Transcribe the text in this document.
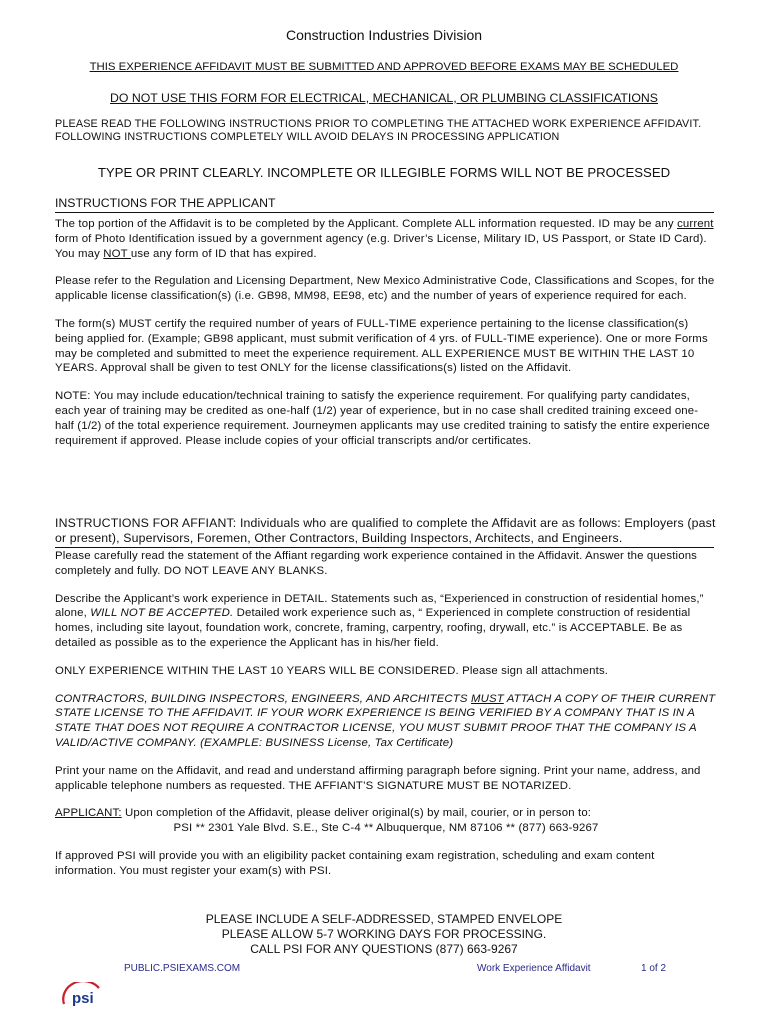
Construction Industries Division
THIS EXPERIENCE AFFIDAVIT MUST BE SUBMITTED AND APPROVED BEFORE EXAMS MAY BE SCHEDULED
DO NOT USE THIS FORM FOR ELECTRICAL, MECHANICAL, OR PLUMBING CLASSIFICATIONS
PLEASE READ THE FOLLOWING INSTRUCTIONS PRIOR TO COMPLETING THE ATTACHED WORK EXPERIENCE AFFIDAVIT.
FOLLOWING INSTRUCTIONS COMPLETELY WILL AVOID DELAYS IN PROCESSING APPLICATION
TYPE OR PRINT CLEARLY. INCOMPLETE OR ILLEGIBLE FORMS WILL NOT BE PROCESSED
INSTRUCTIONS FOR THE APPLICANT

The top portion of the Affidavit is to be completed by the Applicant. Complete ALL information requested. ID may be any current form of Photo Identification issued by a government agency (e.g. Driver’s License, Military ID, US Passport, or State ID Card). You may NOT use any form of ID that has expired.

Please refer to the Regulation and Licensing Department, New Mexico Administrative Code, Classifications and Scopes, for the applicable license classification(s) (i.e. GB98, MM98, EE98, etc) and the number of years of experience required for each.

The form(s) MUST certify the required number of years of FULL-TIME experience pertaining to the license classification(s) being applied for. (Example; GB98 applicant, must submit verification of 4 yrs. of FULL-TIME experience). One or more Forms may be completed and submitted to meet the experience requirement. ALL EXPERIENCE MUST BE WITHIN THE LAST 10 YEARS. Approval shall be given to test ONLY for the license classifications(s) listed on the Affidavit.

NOTE: You may include education/technical training to satisfy the experience requirement. For qualifying party candidates, each year of training may be credited as one-half (1/2) year of experience, but in no case shall credited training exceed one-half (1/2) of the total experience requirement. Journeymen applicants may use credited training to satisfy the entire experience requirement if approved. Please include copies of your official transcripts and/or certificates.

INSTRUCTIONS FOR AFFIANT: Individuals who are qualified to complete the Affidavit are as follows: Employers (past or present), Supervisors, Foremen, Other Contractors, Building Inspectors, Architects, and Engineers.

Please carefully read the statement of the Affiant regarding work experience contained in the Affidavit. Answer the questions completely and fully. DO NOT LEAVE ANY BLANKS.

Describe the Applicant’s work experience in DETAIL. Statements such as, “Experienced in construction of residential homes,” alone, WILL NOT BE ACCEPTED. Detailed work experience such as, “ Experienced in complete construction of residential homes, including site layout, foundation work, concrete, framing, carpentry, roofing, drywall, etc.” is ACCEPTABLE. Be as detailed as possible as to the experience the Applicant has in his/her field.

ONLY EXPERIENCE WITHIN THE LAST 10 YEARS WILL BE CONSIDERED. Please sign all attachments.

CONTRACTORS, BUILDING INSPECTORS, ENGINEERS, AND ARCHITECTS MUST ATTACH A COPY OF THEIR CURRENT STATE LICENSE TO THE AFFIDAVIT. IF YOUR WORK EXPERIENCE IS BEING VERIFIED BY A COMPANY THAT IS IN A STATE THAT DOES NOT REQUIRE A CONTRACTOR LICENSE, YOU MUST SUBMIT PROOF THAT THE COMPANY IS A VALID/ACTIVE COMPANY. (EXAMPLE: BUSINESS License, Tax Certificate)

Print your name on the Affidavit, and read and understand affirming paragraph before signing. Print your name, address, and applicable telephone numbers as requested. THE AFFIANT’S SIGNATURE MUST BE NOTARIZED.

APPLICANT: Upon completion of the Affidavit, please deliver original(s) by mail, courier, or in person to:

PSI ** 2301 Yale Blvd. S.E., Ste C-4 ** Albuquerque, NM 87106 ** (877) 663-9267

If approved PSI will provide you with an eligibility packet containing exam registration, scheduling and exam content information. You must register your exam(s) with PSI.

PLEASE INCLUDE A SELF-ADDRESSED, STAMPED ENVELOPE
PLEASE ALLOW 5-7 WORKING DAYS FOR PROCESSING.
CALL PSI FOR ANY QUESTIONS (877) 663-9267
PUBLIC.PSIEXAMS.COM	Work Experience Affidavit	1 of 2
psi
